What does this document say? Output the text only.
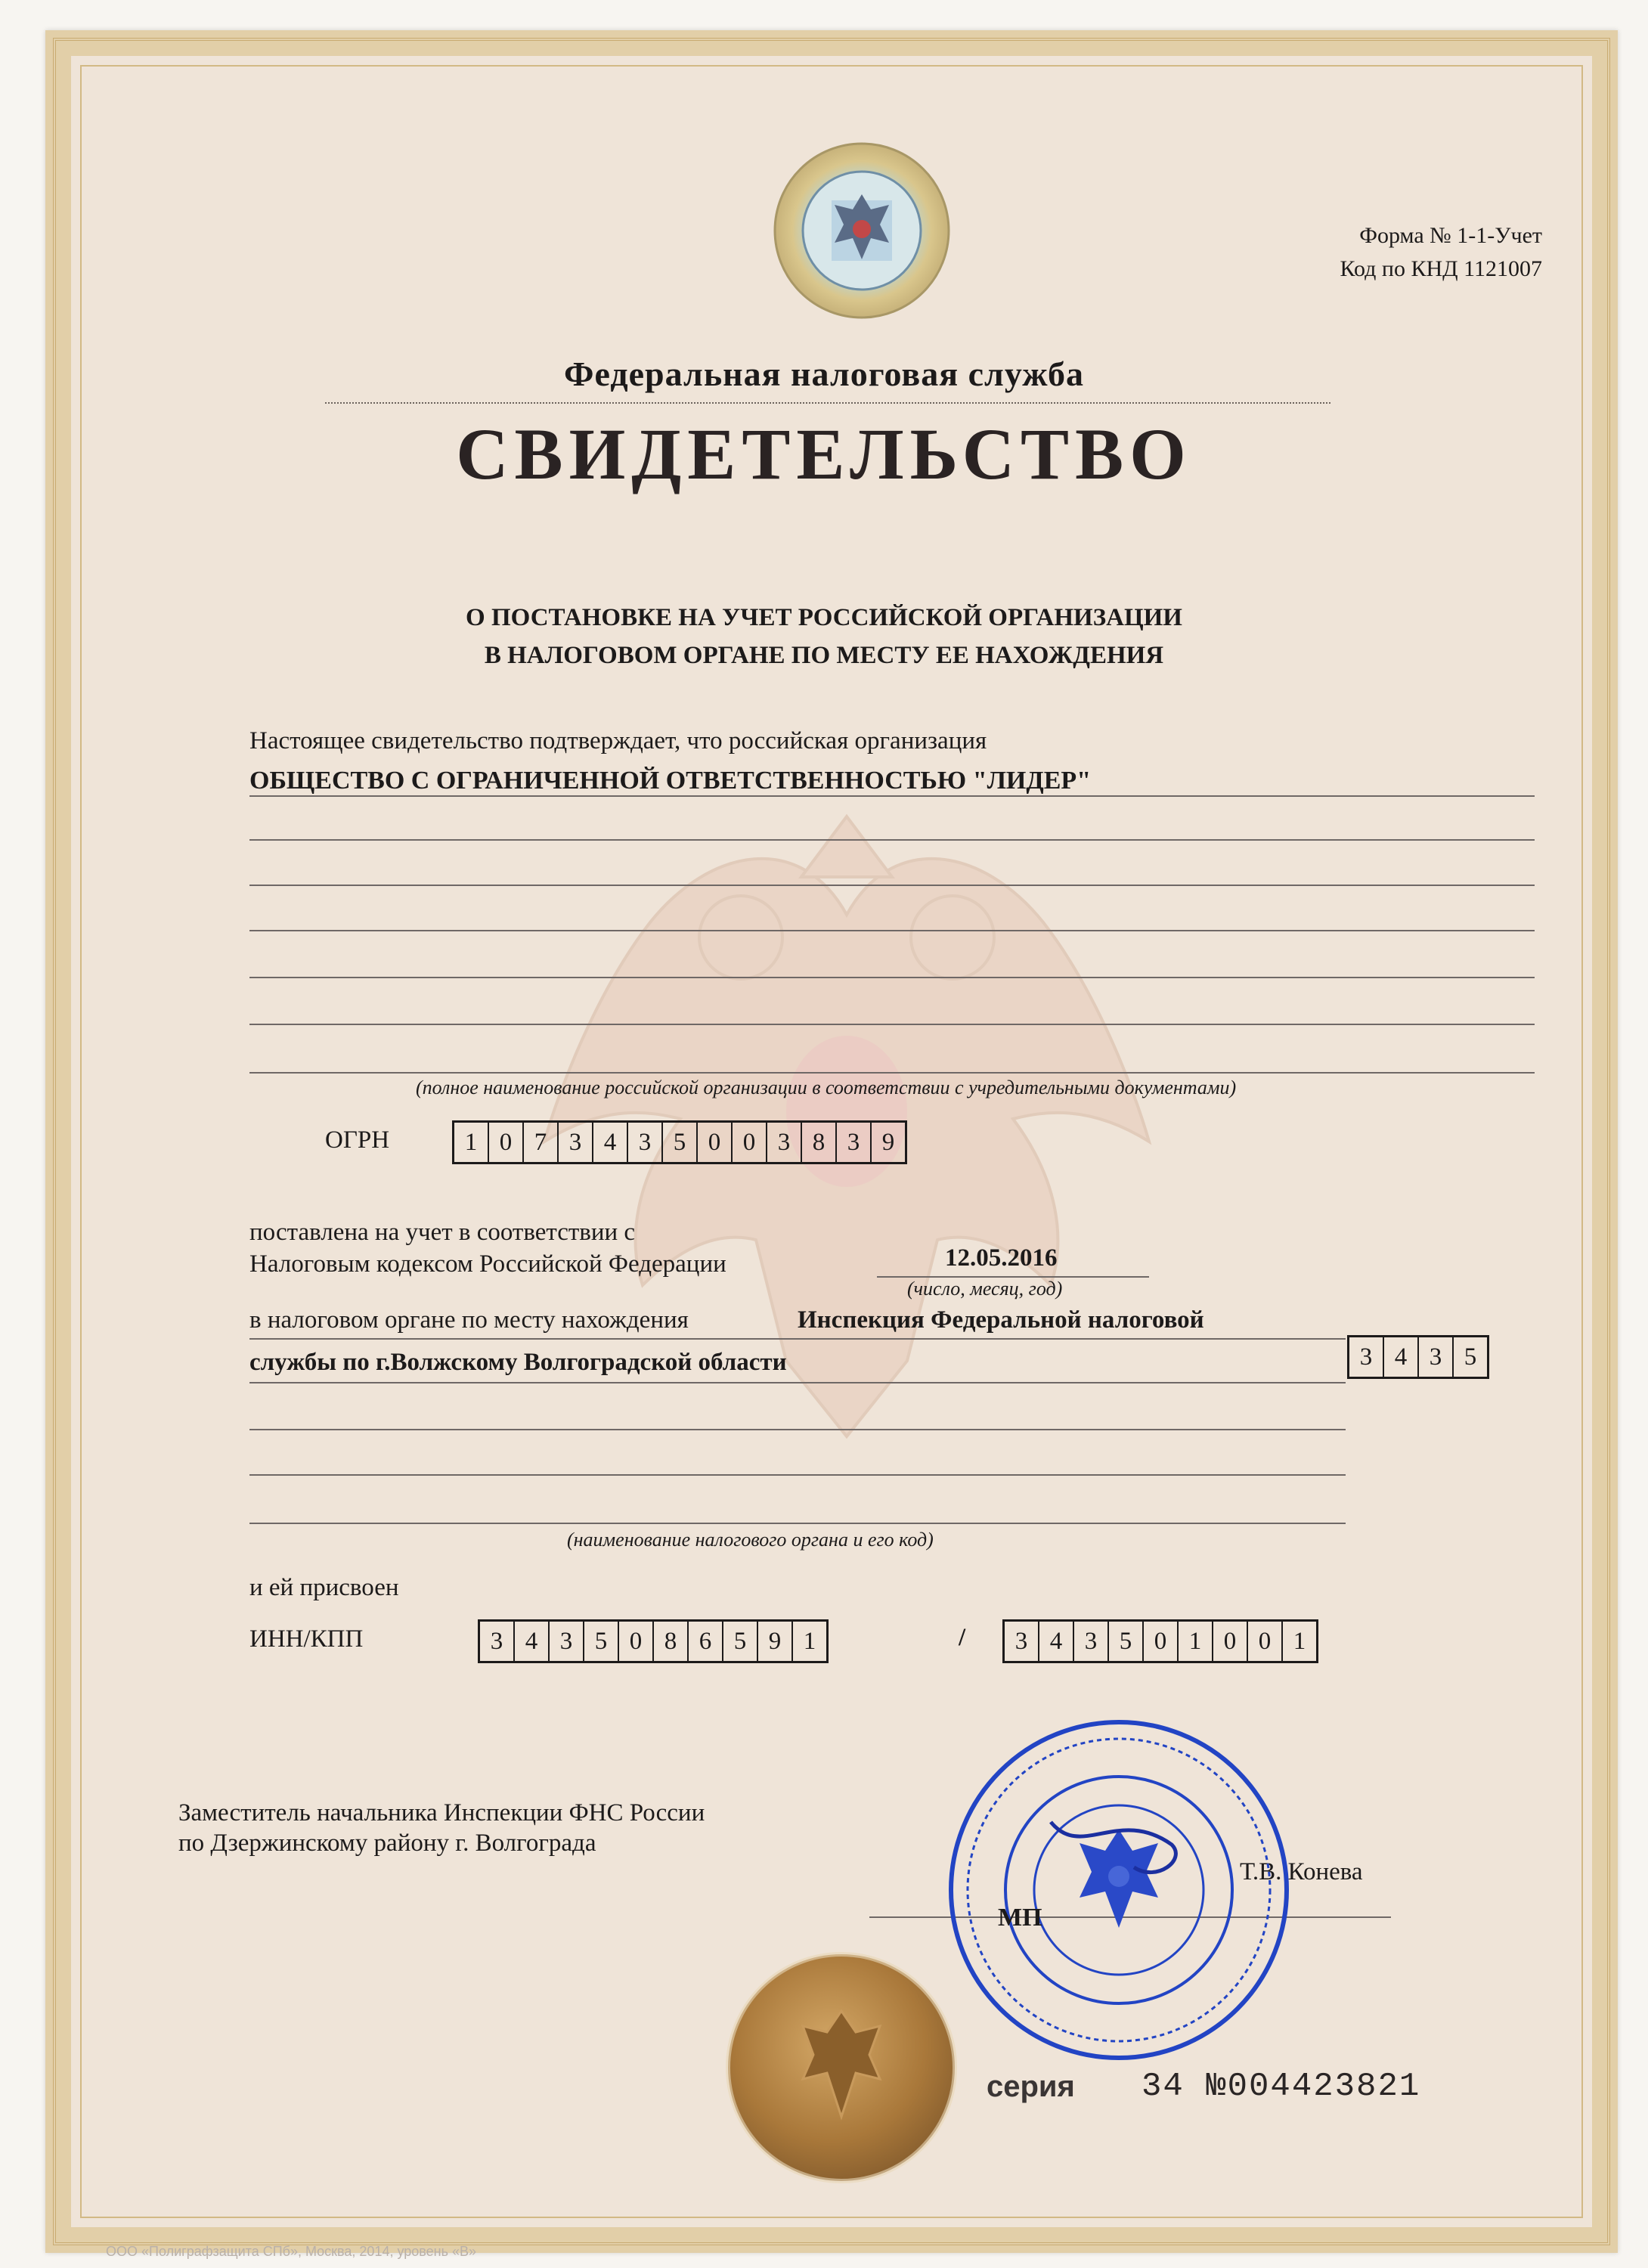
Форма № 1-1-Учет
Код по КНД 1121007
Федеральная налоговая служба
СВИДЕТЕЛЬСТВО
О ПОСТАНОВКЕ НА УЧЕТ РОССИЙСКОЙ ОРГАНИЗАЦИИ
В НАЛОГОВОМ ОРГАНЕ ПО МЕСТУ ЕЕ НАХОЖДЕНИЯ
Настоящее свидетельство подтверждает, что российская организация
ОБЩЕСТВО С ОГРАНИЧЕННОЙ ОТВЕТСТВЕННОСТЬЮ "ЛИДЕР"
(полное наименование российской организации в соответствии с учредительными документами)
ОГРН	1 0 7 3 4 3 5 0 0 3 8 3 9
поставлена на учет в соответствии с
Налоговым кодексом Российской Федерации	12.05.2016
(число, месяц, год)
в налоговом органе по месту нахождения	Инспекция Федеральной налоговой
службы по г.Волжскому Волгоградской области	3 4 3 5
(наименование налогового органа и его код)
и ей присвоен
ИНН/КПП	3 4 3 5 0 8 6 5 9 1	/	3 4 3 5 0 1 0 0 1
Заместитель начальника Инспекции ФНС России
по Дзержинскому району г. Волгограда
Т.В. Конева
МП
серия 34 №004423821
ООО «Полиграфзащита СПб», Москва, 2014, уровень «В»
